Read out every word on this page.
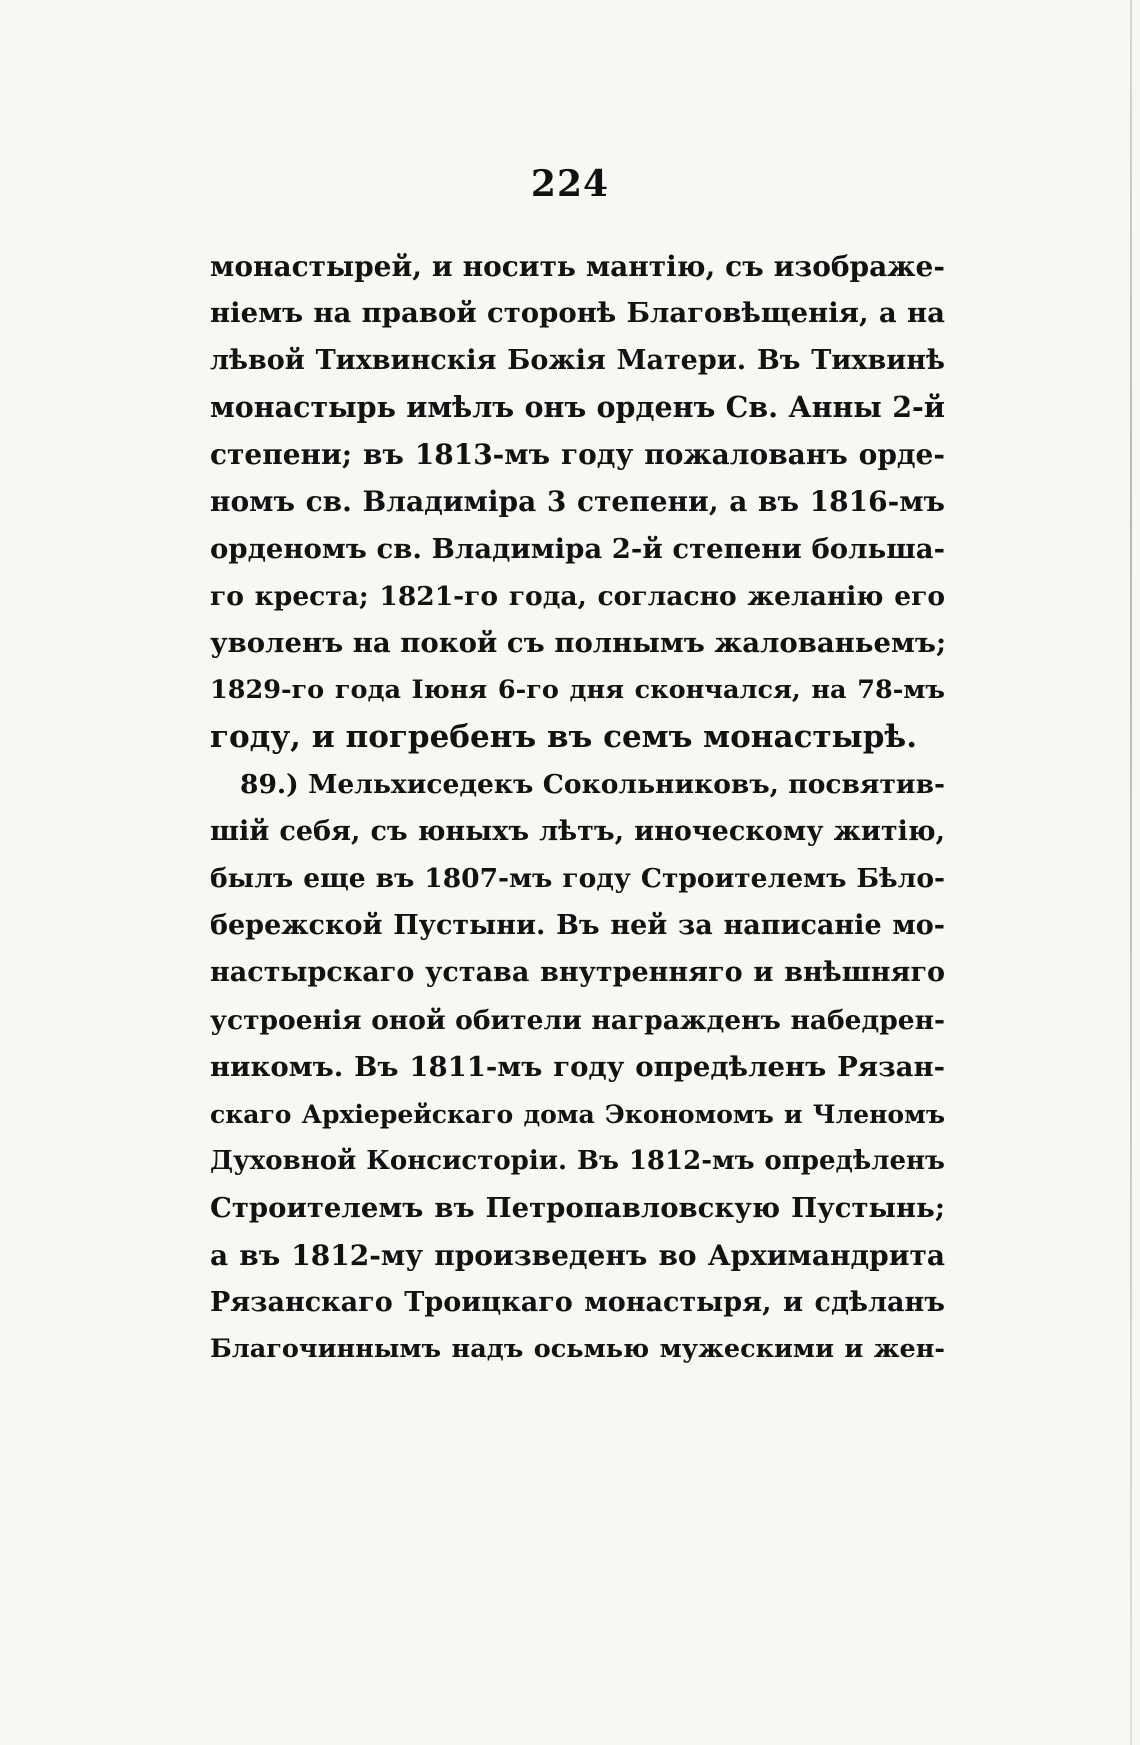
224
монастырей, и носить мантію, съ изображе-
ніемъ на правой сторонѣ Благовѣщенія, а на
лѣвой Тихвинскія Божія Матери. Въ Тихвинѣ
монастырь имѣлъ онъ орденъ Св. Анны 2-й
степени; въ 1813-мъ году пожалованъ орде-
номъ св. Владиміра 3 степени, а въ 1816-мъ
орденомъ св. Владиміра 2-й степени большa-
го креста; 1821-го года, согласно желанію его
уволенъ на покой съ полнымъ жалованьемъ;
1829-го года Іюня 6-го дня скончался, на 78-мъ
году, и погребенъ въ семъ монастырѣ.
89.) Мельхиседекъ Сокольниковъ, посвятив-
шій себя, съ юныхъ лѣтъ, иноческому житію,
былъ еще въ 1807-мъ году Строителемъ Бѣло-
бережской Пустыни. Въ ней за написаніе мо-
настырскаго устава внутренняго и внѣшняго
устроенія оной обители награжденъ набедрен-
никомъ. Въ 1811-мъ году опредѣленъ Рязан-
скаго Архіерейскаго дома Экономомъ и Членомъ
Духовной Консисторіи. Въ 1812-мъ опредѣленъ
Строителемъ въ Петропавловскую Пустынь;
а въ 1812-му произведенъ во Архимандрита
Рязанскаго Троицкаго монастыря, и сдѣланъ
Благочиннымъ надъ осьмью мужескими и жен-
